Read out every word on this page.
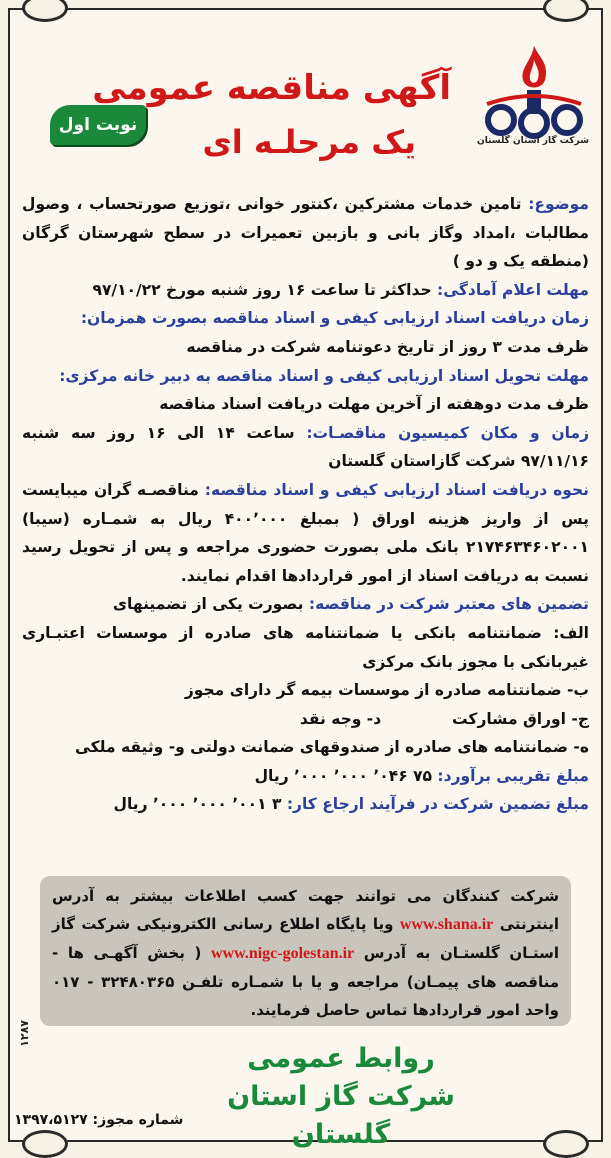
نوبت اول
آگهی مناقصه عمومی
یک مرحلـه ای	شرکت گاز استان گلستان

موضوع: تامین خدمات مشترکین ،کنتور خوانی ،توزیع صورتحساب ، وصول مطالبات ،امداد وگاز بانی و بازبین تعمیرات در سطح شهرستان گرگان (منطقه یک و دو )

مهلت اعلام آمادگی: حداکثر تا ساعت ۱۶ روز شنبه مورخ ۹۷/۱۰/۲۲

زمان دریافت اسناد ارزیابی کیفی و اسناد مناقصه بصورت همزمان:
ظرف مدت ۳ روز از تاریخ دعوتنامه شرکت در مناقصه

مهلت تحویل اسناد ارزیابی کیفی و اسناد مناقصه به دبیر خانه مرکزی:
ظرف مدت دوهفته از آخرین مهلت دریافت اسناد مناقصه

زمان و مکان کمیسیون مناقصـات: ساعت ۱۴ الی ۱۶ روز سه شنبه ۹۷/۱۱/۱۶ شرکت گازاستان گلستان

نحوه دریافت اسناد ارزیابی کیفی و اسناد مناقصه: مناقصـه گران میبایست پس از واریز هزینه اوراق ( بمبلغ ۴۰۰٬۰۰۰ ریال به شمـاره (سیبا) ۲۱۷۴۶۳۴۶۰۲۰۰۱ بانک ملی بصورت حضوری مراجعه و پس از تحویل رسید نسبت به دریافت اسناد از امور قراردادها اقدام نمایند.

تضمین های معتبر شرکت در مناقصه: بصورت یکی از تضمینهای

الف: ضمانتنامه بانکی یا ضمانتنامه های صادره از موسسات اعتبـاری غیربانکی با مجوز بانک مرکزی

ب- ضمانتنامه صادره از موسسات بیمه گر دارای مجوز

ج- اوراق مشارکت  د- وجه نقد

ه- ضمانتنامه های صادره از صندوقهای ضمانت دولتی و- وثیقه ملکی

مبلغ تقریبی برآورد: ۷۵ ٬۰۴۶ ٬۰۰۰ ٬۰۰۰ ریال

مبلغ تضمین شرکت در فرآیند ارجاع کار: ۳ ٬۰۰۱ ٬۰۰۰ ٬۰۰۰ ریال

شرکت کنندگان می توانند جهت کسب اطلاعات بیشتر به آدرس اینترنتی www.shana.ir ویا پایگاه اطلاع رسانی الکترونیکی شرکت گاز استـان گلستـان به آدرس www.nigc-golestan.ir ( بخش آگهـی ها - مناقصه های پیمـان) مراجعه و یا با شمـاره تلفـن ۳۲۴۸۰۳۶۵ - ۰۱۷ واحد امور قراردادها تماس حاصل فرمایند.
روابط عمومی
شرکت گاز استان گلستان
۱۲۸۷
شماره مجوز: ۱۳۹۷،۵۱۲۷
